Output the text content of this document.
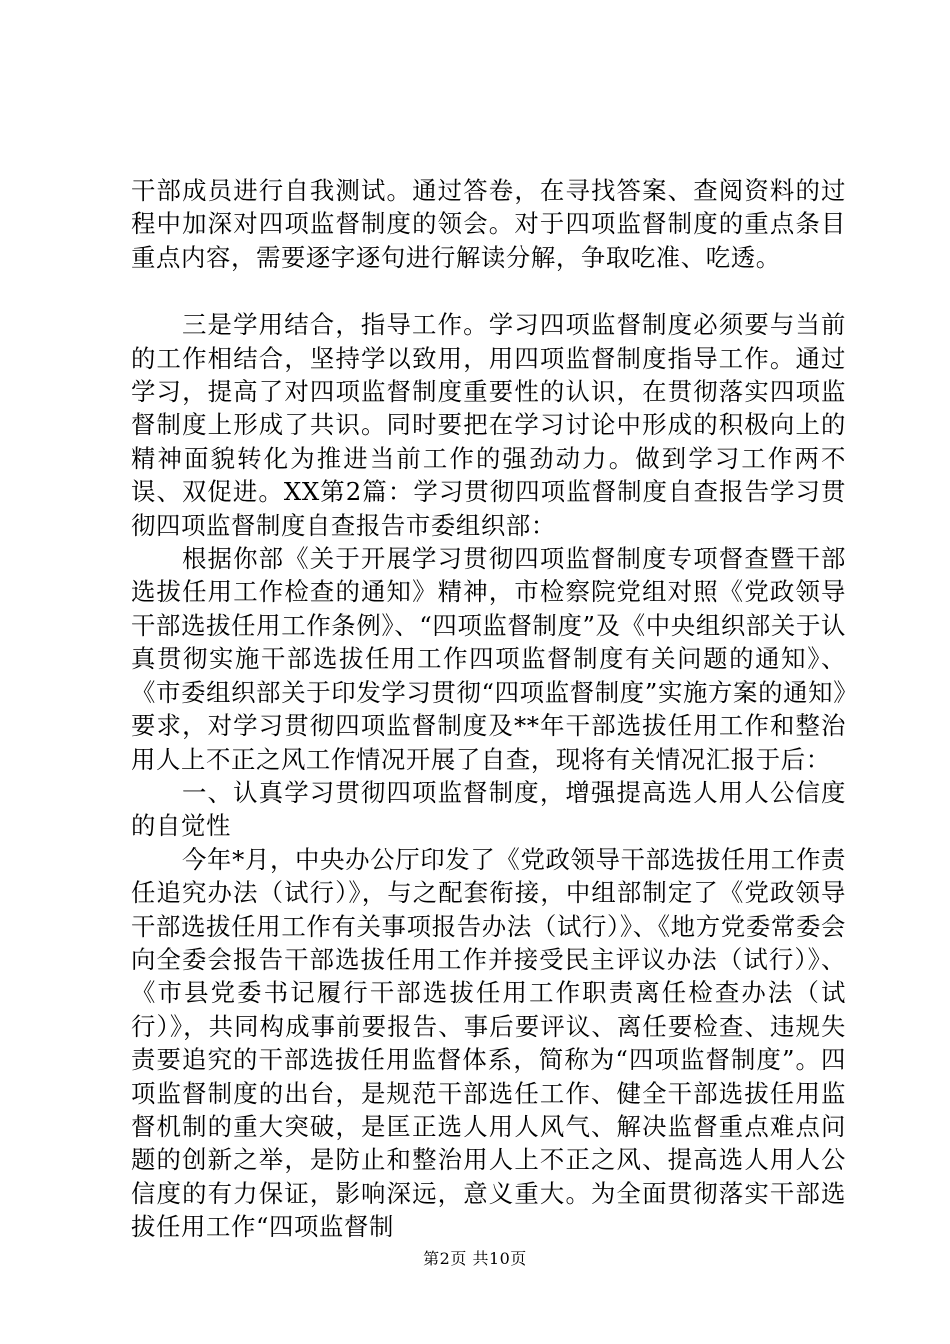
干部成员进行自我测试。通过答卷，在寻找答案、查阅资料的过程中加深对四项监督制度的领会。对于四项监督制度的重点条目重点内容，需要逐字逐句进行解读分解，争取吃准、吃透。

三是学用结合，指导工作。学习四项监督制度必须要与当前的工作相结合，坚持学以致用，用四项监督制度指导工作。通过学习，提高了对四项监督制度重要性的认识，在贯彻落实四项监督制度上形成了共识。同时要把在学习讨论中形成的积极向上的精神面貌转化为推进当前工作的强劲动力。做到学习工作两不误、双促进。XX第2篇：学习贯彻四项监督制度自查报告学习贯彻四项监督制度自查报告市委组织部：

根据你部《关于开展学习贯彻四项监督制度专项督查暨干部选拔任用工作检查的通知》精神，市检察院党组对照《党政领导干部选拔任用工作条例》、“四项监督制度”及《中央组织部关于认真贯彻实施干部选拔任用工作四项监督制度有关问题的通知》、《市委组织部关于印发学习贯彻“四项监督制度”实施方案的通知》要求，对学习贯彻四项监督制度及**年干部选拔任用工作和整治用人上不正之风工作情况开展了自查，现将有关情况汇报于后：

一、认真学习贯彻四项监督制度，增强提高选人用人公信度的自觉性

今年*月，中央办公厅印发了《党政领导干部选拔任用工作责任追究办法（试行）》，与之配套衔接，中组部制定了《党政领导干部选拔任用工作有关事项报告办法（试行）》、《地方党委常委会向全委会报告干部选拔任用工作并接受民主评议办法（试行）》、《市县党委书记履行干部选拔任用工作职责离任检查办法（试行）》，共同构成事前要报告、事后要评议、离任要检查、违规失责要追究的干部选拔任用监督体系，简称为“四项监督制度”。四项监督制度的出台，是规范干部选任工作、健全干部选拔任用监督机制的重大突破，是匡正选人用人风气、解决监督重点难点问题的创新之举，是防止和整治用人上不正之风、提高选人用人公信度的有力保证，影响深远，意义重大。为全面贯彻落实干部选拔任用工作“四项监督制

第2页 共10页
